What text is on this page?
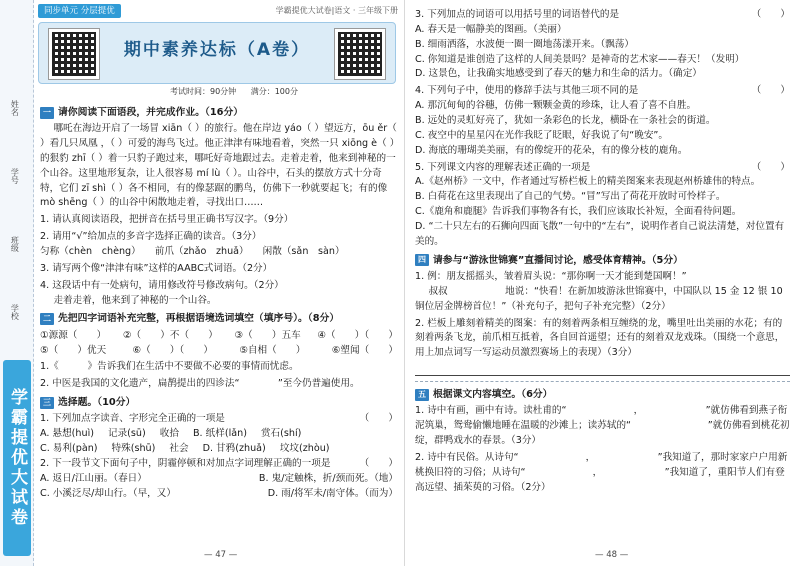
姓名
学号
班级
学校
学霸提优大试卷
同步单元 分层提优	学霸提优大试卷|语文 · 三年级下册
期中素养达标（A卷）
考试时间：90分钟 满分：100分
一 请你阅读下面语段，并完成作业。（16分）

哪吒在海边开启了一场冒 xiān（ ）的旅行。他在岸边 yáo（ ）望远方，ōu ěr（ ）看几只凤凰 ，（ ）可爱的海鸟飞过。他正津津有味地看着，突然一只 xiōng è（ ）的狠豹 zhī（ ）着一只豹子跑过来，哪吒好奇地跟过去。走着走着，他来到神秘的一个山谷。这里地形复杂，让人很容易 mí lù（ ）。山谷中，石头的摆放方式十分奇特，它们 zī shì（ ）各不相同，有的像瑟踞的鹏鸟，仿佛下一秒就要起飞；有的像 mò shēng（ ）的山谷中闲散地走着，寻找出口……

1. 请认真阅读语段，把拼音在括号里正确书写汉字。（9分）

2. 请用“√”给加点的多音字选择正确的读音。（3分）

匀称（chèn　chèng） 前爪（zhǎo　zhuǎ） 闲散（sǎn　sàn）

3. 请写两个像“津津有味”这样的AABC式词语。（2分）

4. 这段话中有一处病句，请用修改符号修改病句。（2分）

走着走着，他来到了神秘的一个山谷。

二 先把四字词语补充完整，再根据语境选词填空（填序号）。（8分）
①源源（　　） ②（　　）不（　　） ③（　　）五车 ④（　　）（　　）
⑤（　　）优天	⑥（　　）（　　）	⑤自相（　　）	⑥塑闻（　　）

1.《　　　》告诉我们在生活中不要做不必要的事情而忧虑。

2. 中医是我国的文化遗产，扁鹊提出的四诊法“　　　　”至今仍普遍使用。

三 选择题。（10分）
1. 下列加点字读音、字形完全正确的一项是	（　　）
A. 悬想(huì) 记录(sū) 收拾 B. 纸样(lǎn) 赏石(shí)
C. 易利(pàn) 特殊(shū) 社会 D. 甘鸦(zhuǎ) 坟坟(zhòu)
2. 下一段节文下面句子中，阴霾停顿和对加点字词理解正确的一项是	（　　）
A. 返日/江山丽。（春日）	B. 鬼/定触株，折/颈而死。（地）
C. 小溪泛尽/却山行。（早，又）	D. 雨/将军未/南守体。（而为）
— 47 —
3. 下列加点的词语可以用括号里的词语替代的是	（　　）

A. 春天是一幅静美的图画。（美丽）

B. 细雨洒落，水波便一圈一圈地荡漾开来。（飘荡）

C. 你知道是谁创造了这样的人间美景吗？是神奇的艺术家——春天！（发明）

D. 这景色，让我确实地感受到了春天的魅力和生命的活力。（确定）

4. 下列句子中，使用的修辞手法与其他三项不同的是	（　　）

A. 那沉甸甸的谷穗，仿佛一颗颗金黄的珍珠，让人看了喜不自胜。

B. 远处的灵虹好亮了，犹如一条彩色的长龙，横卧在一条社会的街道。

C. 夜空中的星星闪在光作我眨了眨眼，好我说了句“晚安”。

D. 海底的珊瑚美美丽，有的像绽开的花朵，有的像分枝的鹿角。

5. 下列课文内容的理解表述正确的一项是	（　　）

A.《赵州桥》一文中，作者通过写桥栏板上的精美图案来表现赵州桥雄伟的特点。

B. 白荷花在这里表现出了自己的气势。“冒”写出了荷花开放时可怜样子。

C.《鹿角和鹿腿》告诉我们事物各有长，我们应该取长补短，全面看待问题。

D. “二十只左右的石狮向四面飞散”一句中的“左右”，说明作者自己说法清楚，对位置有美的。

四 请参与“游泳世锦赛”直播间讨论，感受体育精神。（5分）

1. 例：朋友摇摇头，皱着眉头说：“那你啊一天才能到楚国啊！”

叔叔　　　　　　地说：“快看！在新加坡游泳世锦赛中，中国队以 15 金 12 银 10 铜位居金牌榜首位！”（补充句子，把句子补充完整）（2分）

2. 栏板上雕刻着精美的图案：有的刻着两条相互缠绕的龙，嘴里吐出美丽的水花；有的刻着两条飞龙，前爪相互抵着，各自回首遥望；还有的刻着双龙戏珠。（围绕一个意思，用上加点词写一写运动员激烈赛场上的表现）（3分）

五 根据课文内容填空。（6分）

1. 诗中有画，画中有诗。读杜甫的“　　　　　　　，　　　　　　　”就仿佛看到燕子衔泥筑巢，鸳鸯偷懒地睡在温暖的沙滩上；读苏轼的“　　　　　　　　”就仿佛看到桃花初绽，群鸭戏水的春景。（3分）

2. 诗中有民俗。从诗句“　　　　　　　，　　　　　　　”我知道了，那时家家户户用新桃换旧符的习俗；从诗句“　　　　　　　，　　　　　　　”我知道了，重阳节人们有登高远望、插茱萸的习俗。（2分）

— 48 —
